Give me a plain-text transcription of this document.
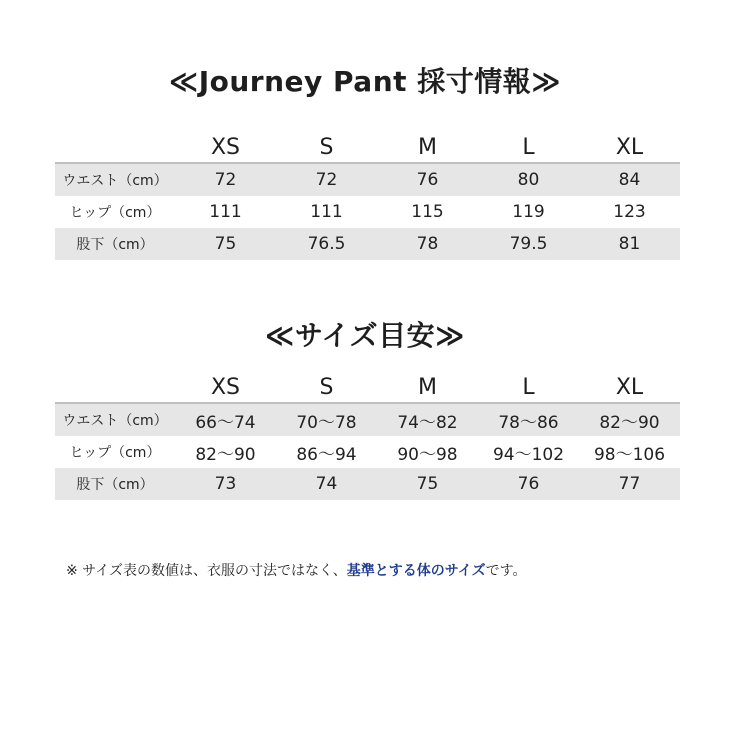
≪Journey Pant 採寸情報≫
	XS	S	M	L	XL
ウエスト（cm）	72	72	76	80	84
ヒップ（cm）	111	111	115	119	123
股下（cm）	75	76.5	78	79.5	81
≪サイズ目安≫
	XS	S	M	L	XL
ウエスト（cm）	66～74	70～78	74～82	78～86	82～90
ヒップ（cm）	82～90	86～94	90～98	94～102	98～106
股下（cm）	73	74	75	76	77
※ サイズ表の数値は、衣服の寸法ではなく、基準とする体のサイズです。
